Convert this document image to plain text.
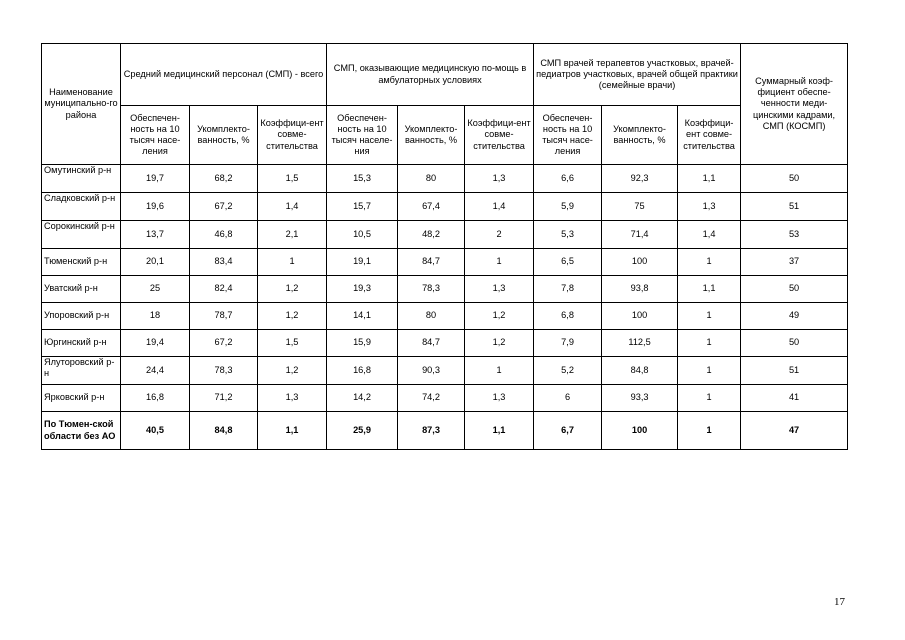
Наименование муниципально-го района	Средний медицинский персонал (СМП) - всего			СМП, оказывающие медицинскую по-мощь в амбулаторных условиях			СМП врачей терапевтов участковых, врачей-педиатров участковых, врачей общей практики (семейные врачи)			Суммарный коэф-фициент обеспе-ченности меди-цинскими кадрами, СМП (КОСМП)
	Обеспечен-ность на 10 тысяч насе-ления	Укомплекто-ванность, %	Коэффици-ент совме-стительства	Обеспечен-ность на 10 тысяч населе-ния	Укомплекто-ванность, %	Коэффици-ент совме-стительства	Обеспечен-ность на 10 тысяч насе-ления	Укомплекто-ванность, %	Коэффици-ент совме-стительства	
Омутинский р-н	19,7	68,2	1,5	15,3	80	1,3	6,6	92,3	1,1	50
Сладковский р-н	19,6	67,2	1,4	15,7	67,4	1,4	5,9	75	1,3	51
Сорокинский р-н	13,7	46,8	2,1	10,5	48,2	2	5,3	71,4	1,4	53
Тюменский р-н	20,1	83,4	1	19,1	84,7	1	6,5	100	1	37
Уватский р-н	25	82,4	1,2	19,3	78,3	1,3	7,8	93,8	1,1	50
Упоровский р-н	18	78,7	1,2	14,1	80	1,2	6,8	100	1	49
Юргинский р-н	19,4	67,2	1,5	15,9	84,7	1,2	7,9	112,5	1	50
Ялуторовский р-н	24,4	78,3	1,2	16,8	90,3	1	5,2	84,8	1	51
Ярковский р-н	16,8	71,2	1,3	14,2	74,2	1,3	6	93,3	1	41
По Тюмен-ской области без АО	40,5	84,8	1,1	25,9	87,3	1,1	6,7	100	1	47
17
